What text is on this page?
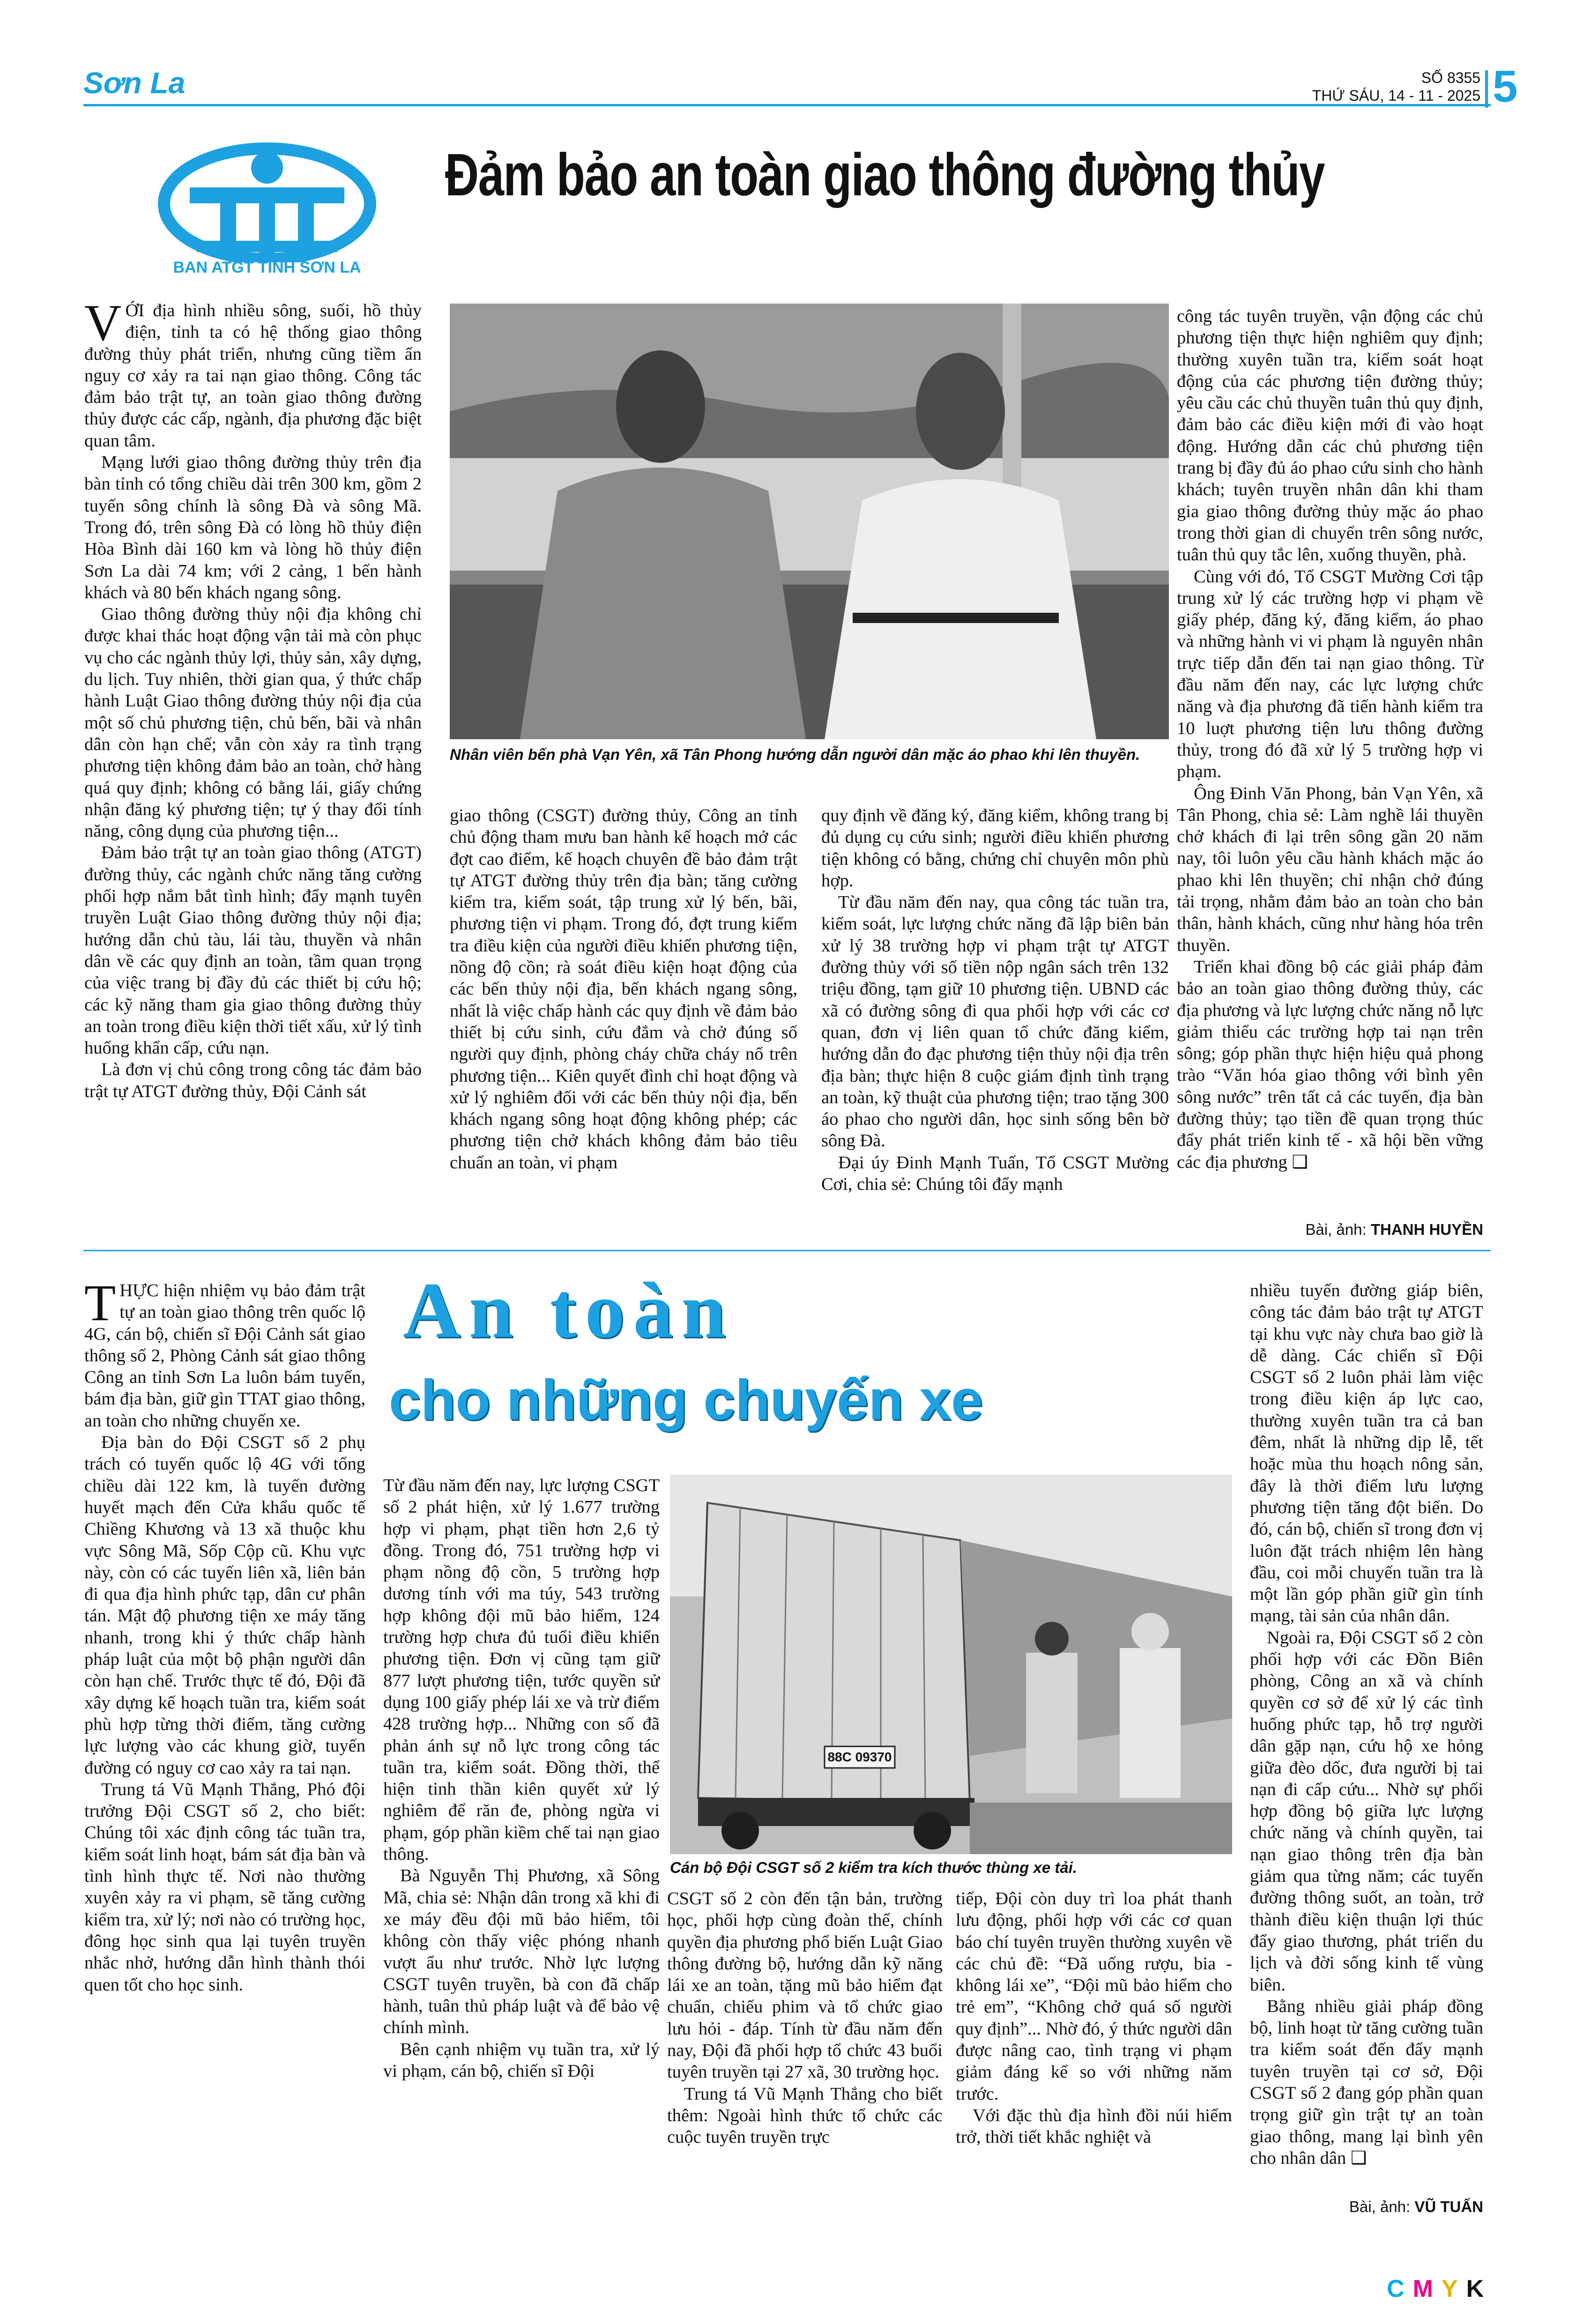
Sơn La	SỐ 8355
THỨ SÁU, 14 - 11 - 2025 5
BAN ATGT TỈNH SƠN LA
Đảm bảo an toàn giao thông đường thủy

VỚI địa hình nhiều sông, suối, hồ thủy điện, tỉnh ta có hệ thống giao thông đường thủy phát triển, nhưng cũng tiềm ẩn nguy cơ xảy ra tai nạn giao thông. Công tác đảm bảo trật tự, an toàn giao thông đường thủy được các cấp, ngành, địa phương đặc biệt quan tâm.

Mạng lưới giao thông đường thủy trên địa bàn tỉnh có tổng chiều dài trên 300 km, gồm 2 tuyến sông chính là sông Đà và sông Mã. Trong đó, trên sông Đà có lòng hồ thủy điện Hòa Bình dài 160 km và lòng hồ thủy điện Sơn La dài 74 km; với 2 cảng, 1 bến hành khách và 80 bến khách ngang sông.

Giao thông đường thủy nội địa không chỉ được khai thác hoạt động vận tải mà còn phục vụ cho các ngành thủy lợi, thủy sản, xây dựng, du lịch. Tuy nhiên, thời gian qua, ý thức chấp hành Luật Giao thông đường thủy nội địa của một số chủ phương tiện, chủ bến, bãi và nhân dân còn hạn chế; vẫn còn xảy ra tình trạng phương tiện không đảm bảo an toàn, chở hàng quá quy định; không có bằng lái, giấy chứng nhận đăng ký phương tiện; tự ý thay đổi tính năng, công dụng của phương tiện...

Đảm bảo trật tự an toàn giao thông (ATGT) đường thủy, các ngành chức năng tăng cường phối hợp nắm bắt tình hình; đẩy mạnh tuyên truyền Luật Giao thông đường thủy nội địa; hướng dẫn chủ tàu, lái tàu, thuyền và nhân dân về các quy định an toàn, tầm quan trọng của việc trang bị đầy đủ các thiết bị cứu hộ; các kỹ năng tham gia giao thông đường thủy an toàn trong điều kiện thời tiết xấu, xử lý tình huống khẩn cấp, cứu nạn.

Là đơn vị chủ công trong công tác đảm bảo trật tự ATGT đường thủy, Đội Cảnh sát

Nhân viên bến phà Vạn Yên, xã Tân Phong hướng dẫn người dân mặc áo phao khi lên thuyền.

giao thông (CSGT) đường thủy, Công an tỉnh chủ động tham mưu ban hành kế hoạch mở các đợt cao điểm, kế hoạch chuyên đề bảo đảm trật tự ATGT đường thủy trên địa bàn; tăng cường kiểm tra, kiểm soát, tập trung xử lý bến, bãi, phương tiện vi phạm. Trong đó, đợt trung kiểm tra điều kiện của người điều khiển phương tiện, nồng độ cồn; rà soát điều kiện hoạt động của các bến thủy nội địa, bến khách ngang sông, nhất là việc chấp hành các quy định về đảm bảo thiết bị cứu sinh, cứu đắm và chở đúng số người quy định, phòng cháy chữa cháy nổ trên phương tiện... Kiên quyết đình chỉ hoạt động và xử lý nghiêm đối với các bến thủy nội địa, bến khách ngang sông hoạt động không phép; các phương tiện chở khách không đảm bảo tiêu chuẩn an toàn, vi phạm

quy định về đăng ký, đăng kiểm, không trang bị đủ dụng cụ cứu sinh; người điều khiển phương tiện không có bằng, chứng chỉ chuyên môn phù hợp.

Từ đầu năm đến nay, qua công tác tuần tra, kiểm soát, lực lượng chức năng đã lập biên bản xử lý 38 trường hợp vi phạm trật tự ATGT đường thủy với số tiền nộp ngân sách trên 132 triệu đồng, tạm giữ 10 phương tiện. UBND các xã có đường sông đi qua phối hợp với các cơ quan, đơn vị liên quan tổ chức đăng kiểm, hướng dẫn đo đạc phương tiện thủy nội địa trên địa bàn; thực hiện 8 cuộc giám định tình trạng an toàn, kỹ thuật của phương tiện; trao tặng 300 áo phao cho người dân, học sinh sống bên bờ sông Đà.

Đại úy Đinh Mạnh Tuấn, Tổ CSGT Mường Cơi, chia sẻ: Chúng tôi đẩy mạnh

công tác tuyên truyền, vận động các chủ phương tiện thực hiện nghiêm quy định; thường xuyên tuần tra, kiểm soát hoạt động của các phương tiện đường thủy; yêu cầu các chủ thuyền tuân thủ quy định, đảm bảo các điều kiện mới đi vào hoạt động. Hướng dẫn các chủ phương tiện trang bị đầy đủ áo phao cứu sinh cho hành khách; tuyên truyền nhân dân khi tham gia giao thông đường thủy mặc áo phao trong thời gian di chuyển trên sông nước, tuân thủ quy tắc lên, xuống thuyền, phà.

Cùng với đó, Tổ CSGT Mường Cơi tập trung xử lý các trường hợp vi phạm về giấy phép, đăng ký, đăng kiểm, áo phao và những hành vi vi phạm là nguyên nhân trực tiếp dẫn đến tai nạn giao thông. Từ đầu năm đến nay, các lực lượng chức năng và địa phương đã tiến hành kiểm tra 10 luợt phương tiện lưu thông đường thủy, trong đó đã xử lý 5 trường hợp vi phạm.

Ông Đinh Văn Phong, bản Vạn Yên, xã Tân Phong, chia sẻ: Làm nghề lái thuyền chở khách đi lại trên sông gần 20 năm nay, tôi luôn yêu cầu hành khách mặc áo phao khi lên thuyền; chỉ nhận chở đúng tải trọng, nhằm đảm bảo an toàn cho bản thân, hành khách, cũng như hàng hóa trên thuyền.

Triển khai đồng bộ các giải pháp đảm bảo an toàn giao thông đường thủy, các địa phương và lực lượng chức năng nỗ lực giảm thiểu các trường hợp tai nạn trên sông; góp phần thực hiện hiệu quả phong trào “Văn hóa giao thông với bình yên sông nước” trên tất cả các tuyến, địa bàn đường thủy; tạo tiền đề quan trọng thúc đẩy phát triển kinh tế - xã hội bền vững các địa phương ❑

Bài, ảnh: THANH HUYỀN
An toàn
cho những chuyến xe

THỰC hiện nhiệm vụ bảo đảm trật tự an toàn giao thông trên quốc lộ 4G, cán bộ, chiến sĩ Đội Cảnh sát giao thông số 2, Phòng Cảnh sát giao thông Công an tỉnh Sơn La luôn bám tuyến, bám địa bàn, giữ gìn TTAT giao thông, an toàn cho những chuyến xe.

Địa bàn do Đội CSGT số 2 phụ trách có tuyến quốc lộ 4G với tổng chiều dài 122 km, là tuyến đường huyết mạch đến Cửa khẩu quốc tế Chiềng Khương và 13 xã thuộc khu vực Sông Mã, Sốp Cộp cũ. Khu vực này, còn có các tuyến liên xã, liên bản đi qua địa hình phức tạp, dân cư phân tán. Mật độ phương tiện xe máy tăng nhanh, trong khi ý thức chấp hành pháp luật của một bộ phận người dân còn hạn chế. Trước thực tế đó, Đội đã xây dựng kế hoạch tuần tra, kiểm soát phù hợp từng thời điểm, tăng cường lực lượng vào các khung giờ, tuyến đường có nguy cơ cao xảy ra tai nạn.

Trung tá Vũ Mạnh Thắng, Phó đội trưởng Đội CSGT số 2, cho biết: Chúng tôi xác định công tác tuần tra, kiểm soát linh hoạt, bám sát địa bàn và tình hình thực tế. Nơi nào thường xuyên xảy ra vi phạm, sẽ tăng cường kiểm tra, xử lý; nơi nào có trường học, đông học sinh qua lại tuyên truyền nhắc nhở, hướng dẫn hình thành thói quen tốt cho học sinh.

Từ đầu năm đến nay, lực lượng CSGT số 2 phát hiện, xử lý 1.677 trường hợp vi phạm, phạt tiền hơn 2,6 tỷ đồng. Trong đó, 751 trường hợp vi phạm nồng độ cồn, 5 trường hợp dương tính với ma túy, 543 trường hợp không đội mũ bảo hiểm, 124 trường hợp chưa đủ tuổi điều khiển phương tiện. Đơn vị cũng tạm giữ 877 lượt phương tiện, tước quyền sử dụng 100 giấy phép lái xe và trừ điểm 428 trường hợp... Những con số đã phản ánh sự nỗ lực trong công tác tuần tra, kiểm soát. Đồng thời, thể hiện tinh thần kiên quyết xử lý nghiêm để răn đe, phòng ngừa vi phạm, góp phần kiềm chế tai nạn giao thông.

Bà Nguyễn Thị Phương, xã Sông Mã, chia sẻ: Nhận dân trong xã khi đi xe máy đều đội mũ bảo hiểm, tôi không còn thấy việc phóng nhanh vượt ẩu như trước. Nhờ lực lượng CSGT tuyên truyền, bà con đã chấp hành, tuân thủ pháp luật và để bảo vệ chính mình.

Bên cạnh nhiệm vụ tuần tra, xử lý vi phạm, cán bộ, chiến sĩ Đội

88C 09370
Cán bộ Đội CSGT số 2 kiểm tra kích thước thùng xe tải.

CSGT số 2 còn đến tận bản, trường học, phối hợp cùng đoàn thể, chính quyền địa phương phổ biến Luật Giao thông đường bộ, hướng dẫn kỹ năng lái xe an toàn, tặng mũ bảo hiểm đạt chuẩn, chiếu phim và tổ chức giao lưu hỏi - đáp. Tính từ đầu năm đến nay, Đội đã phối hợp tổ chức 43 buổi tuyên truyền tại 27 xã, 30 trường học.

Trung tá Vũ Mạnh Thắng cho biết thêm: Ngoài hình thức tổ chức các cuộc tuyên truyền trực

tiếp, Đội còn duy trì loa phát thanh lưu động, phối hợp với các cơ quan báo chí tuyên truyền thường xuyên về các chủ đề: “Đã uống rượu, bia - không lái xe”, “Đội mũ bảo hiểm cho trẻ em”, “Không chở quá số người quy định”... Nhờ đó, ý thức người dân được nâng cao, tình trạng vi phạm giảm đáng kể so với những năm trước.

Với đặc thù địa hình đồi núi hiểm trở, thời tiết khắc nghiệt và

nhiều tuyến đường giáp biên, công tác đảm bảo trật tự ATGT tại khu vực này chưa bao giờ là dễ dàng. Các chiến sĩ Đội CSGT số 2 luôn phải làm việc trong điều kiện áp lực cao, thường xuyên tuần tra cả ban đêm, nhất là những dịp lễ, tết hoặc mùa thu hoạch nông sản, đây là thời điểm lưu lượng phương tiện tăng đột biến. Do đó, cán bộ, chiến sĩ trong đơn vị luôn đặt trách nhiệm lên hàng đầu, coi mỗi chuyến tuần tra là một lần góp phần giữ gìn tính mạng, tài sản của nhân dân.

Ngoài ra, Đội CSGT số 2 còn phối hợp với các Đồn Biên phòng, Công an xã và chính quyền cơ sở để xử lý các tình huống phức tạp, hỗ trợ người dân gặp nạn, cứu hộ xe hỏng giữa đèo dốc, đưa người bị tai nạn đi cấp cứu... Nhờ sự phối hợp đồng bộ giữa lực lượng chức năng và chính quyền, tai nạn giao thông trên địa bàn giảm qua từng năm; các tuyến đường thông suốt, an toàn, trở thành điều kiện thuận lợi thúc đẩy giao thương, phát triển du lịch và đời sống kinh tế vùng biên.

Bằng nhiều giải pháp đồng bộ, linh hoạt từ tăng cường tuần tra kiểm soát đến đẩy mạnh tuyên truyền tại cơ sở, Đội CSGT số 2 đang góp phần quan trọng giữ gìn trật tự an toàn giao thông, mang lại bình yên cho nhân dân ❑

Bài, ảnh: VŨ TUẤN
CMYK
